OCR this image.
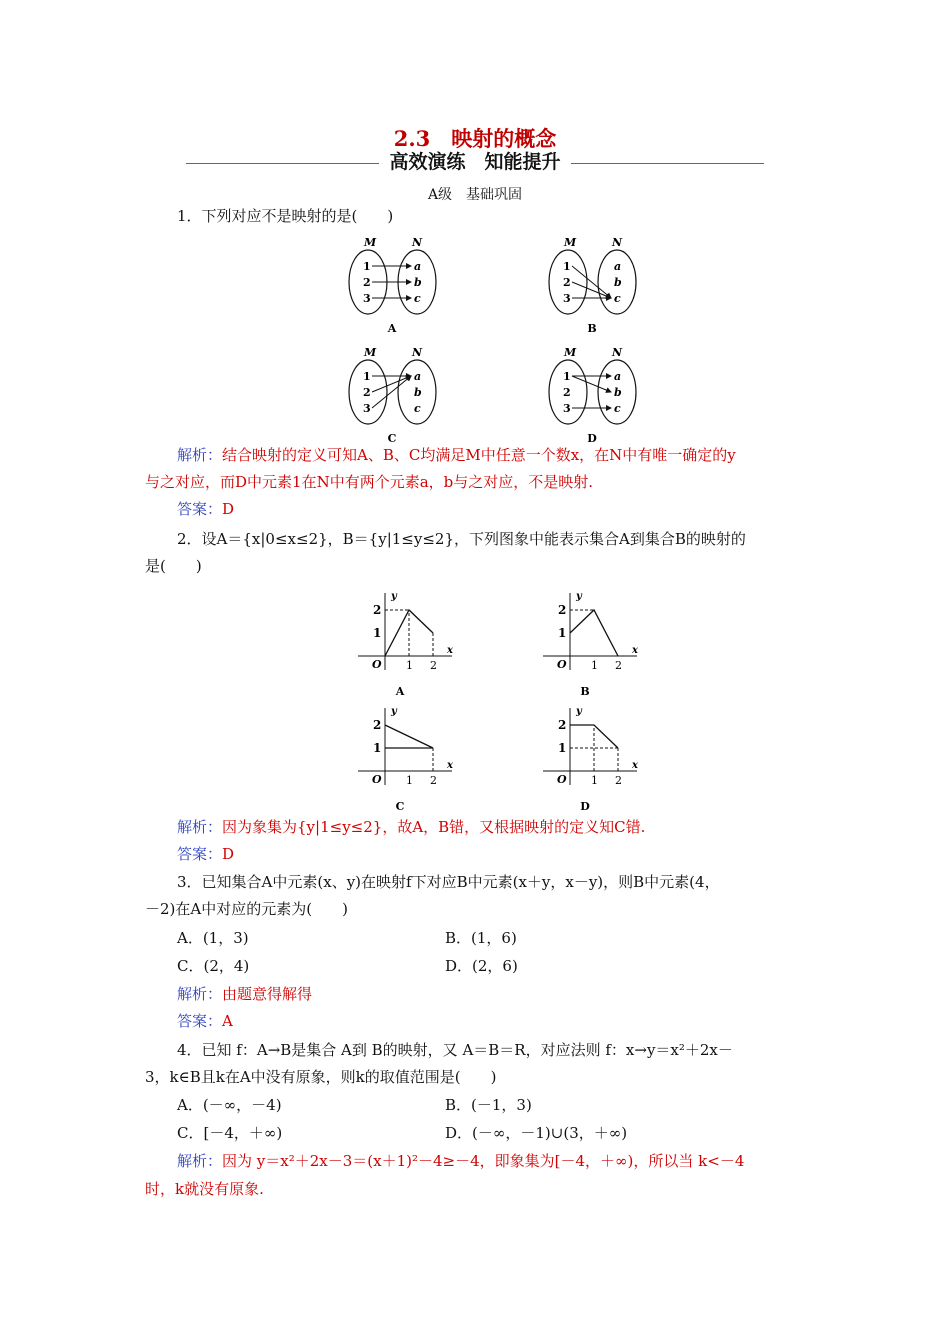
2.3　映射的概念
高效演练　知能提升
A级　基础巩固
1．下列对应不是映射的是(　　)
M	N
1
2
3
a
b
c
A
M	N
1
2
3
a
b
c
B
M	N
1
2
3
a
b
c
C
M	N
1
2
3
a
b
c
D
解析：结合映射的定义可知A、B、C均满足M中任意一个数x，在N中有唯一确定的y
与之对应，而D中元素1在N中有两个元素a，b与之对应，不是映射.
答案：D
2．设A＝{x|0≤x≤2}，B＝{y|1≤y≤2}，下列图象中能表示集合A到集合B的映射的
是(　　)
y
x
O 1 2
1
2
A
y
x
O 1 2
1
2
B
y
x
O 1 2
1
2
C
y
x
O 1 2
1
2
D
解析：因为象集为{y|1≤y≤2}，故A，B错，又根据映射的定义知C错.
答案：D
3．已知集合A中元素(x、y)在映射f下对应B中元素(x＋y，x－y)，则B中元素(4，
－2)在A中对应的元素为(　　)
A．(1，3)	B．(1，6)
C．(2，4)	D．(2，6)
解析：由题意得解得
答案：A
4．已知 f：A→B是集合 A到 B的映射，又 A＝B＝R，对应法则 f：x→y＝x²＋2x－
3，k∈B且k在A中没有原象，则k的取值范围是(　　)
A．(－∞，－4)	B．(－1，3)
C．[－4，＋∞)	D．(－∞，－1)∪(3，＋∞)
解析：因为 y＝x²＋2x－3＝(x＋1)²－4≥－4，即象集为[－4，＋∞)，所以当 k<－4
时，k就没有原象.
